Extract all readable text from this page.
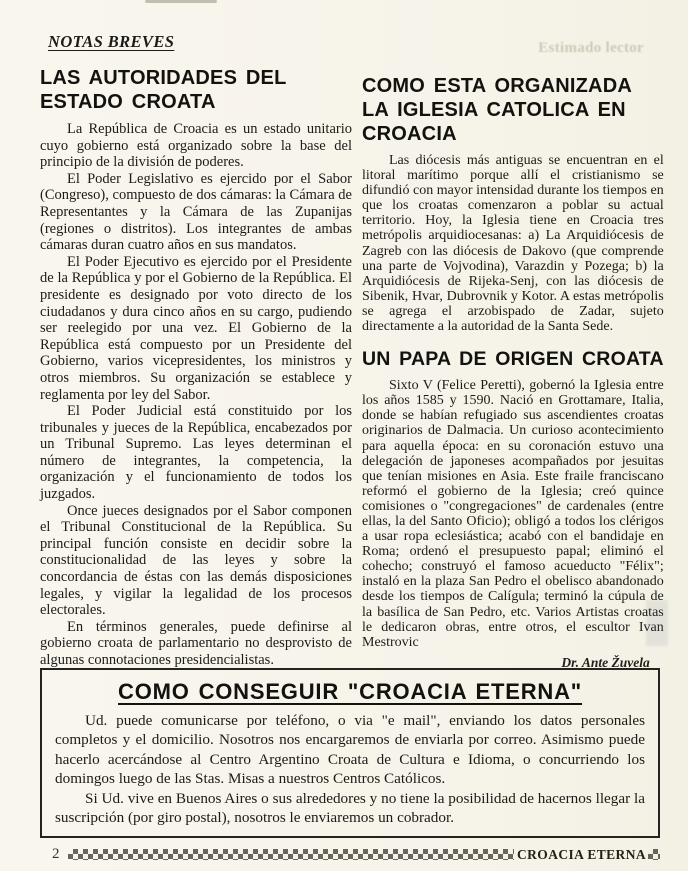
Estimado lector
NOTAS BREVES
LAS AUTORIDADES DEL ESTADO CROATA

La República de Croacia es un estado unitario cuyo gobierno está organizado sobre la base del principio de la división de poderes.

El Poder Legislativo es ejercido por el Sabor (Congreso), compuesto de dos cámaras: la Cámara de Representantes y la Cámara de las Zupanijas (regiones o distritos). Los integrantes de ambas cámaras duran cuatro años en sus mandatos.

El Poder Ejecutivo es ejercido por el Presidente de la República y por el Gobierno de la República. El presidente es designado por voto directo de los ciudadanos y dura cinco años en su cargo, pudiendo ser reelegido por una vez. El Gobierno de la República está compuesto por un Presidente del Gobierno, varios vicepresidentes, los ministros y otros miembros. Su organización se establece y reglamenta por ley del Sabor.

El Poder Judicial está constituido por los tribunales y jueces de la República, encabezados por un Tribunal Supremo. Las leyes determinan el número de integrantes, la competencia, la organización y el funcionamiento de todos los juzgados.

Once jueces designados por el Sabor componen el Tribunal Constitucional de la República. Su principal función consiste en decidir sobre la constitucionalidad de las leyes y sobre la concordancia de éstas con las demás disposiciones legales, y vigilar la legalidad de los procesos electorales.

En términos generales, puede definirse al gobierno croata de parlamentario no desprovisto de algunas connotaciones presidencialistas.

COMO ESTA ORGANIZADA LA IGLESIA CATOLICA EN CROACIA

Las diócesis más antiguas se encuentran en el litoral marítimo porque allí el cristianismo se difundió con mayor intensidad durante los tiempos en que los croatas comenzaron a poblar su actual territorio. Hoy, la Iglesia tiene en Croacia tres metrópolis arquidiocesanas: a) La Arquidiócesis de Zagreb con las diócesis de Dakovo (que comprende una parte de Vojvodina), Varazdin y Pozega; b) la Arquidiócesis de Rijeka-Senj, con las diócesis de Sibenik, Hvar, Dubrovnik y Kotor. A estas metrópolis se agrega el arzobispado de Zadar, sujeto directamente a la autoridad de la Santa Sede.

UN PAPA DE ORIGEN CROATA

Sixto V (Felice Peretti), gobernó la Iglesia entre los años 1585 y 1590. Nació en Grottamare, Italia, donde se habían refugiado sus ascendientes croatas originarios de Dalmacia. Un curioso acontecimiento para aquella época: en su coronación estuvo una delegación de japoneses acompañados por jesuitas que tenían misiones en Asia. Este fraile franciscano reformó el gobierno de la Iglesia; creó quince comisiones o "congregaciones" de cardenales (entre ellas, la del Santo Oficio); obligó a todos los clérigos a usar ropa eclesiástica; acabó con el bandidaje en Roma; ordenó el presupuesto papal; eliminó el cohecho; construyó el famoso acueducto "Félix"; instaló en la plaza San Pedro el obelisco abandonado desde los tiempos de Calígula; terminó la cúpula de la basílica de San Pedro, etc. Varios Artistas croatas le dedicaron obras, entre otros, el escultor Ivan Mestrovic

Dr. Ante Žuvela
COMO CONSEGUIR "CROACIA ETERNA"

Ud. puede comunicarse por teléfono, o via "e mail", enviando los datos personales completos y el domicilio. Nosotros nos encargaremos de enviarla por correo. Asimismo puede hacerlo acercándose al Centro Argentino Croata de Cultura e Idioma, o concurriendo los domingos luego de las Stas. Misas a nuestros Centros Católicos.

Si Ud. vive en Buenos Aires o sus alrededores y no tiene la posibilidad de hacernos llegar la suscripción (por giro postal), nosotros le enviaremos un cobrador.

2	CROACIA ETERNA
